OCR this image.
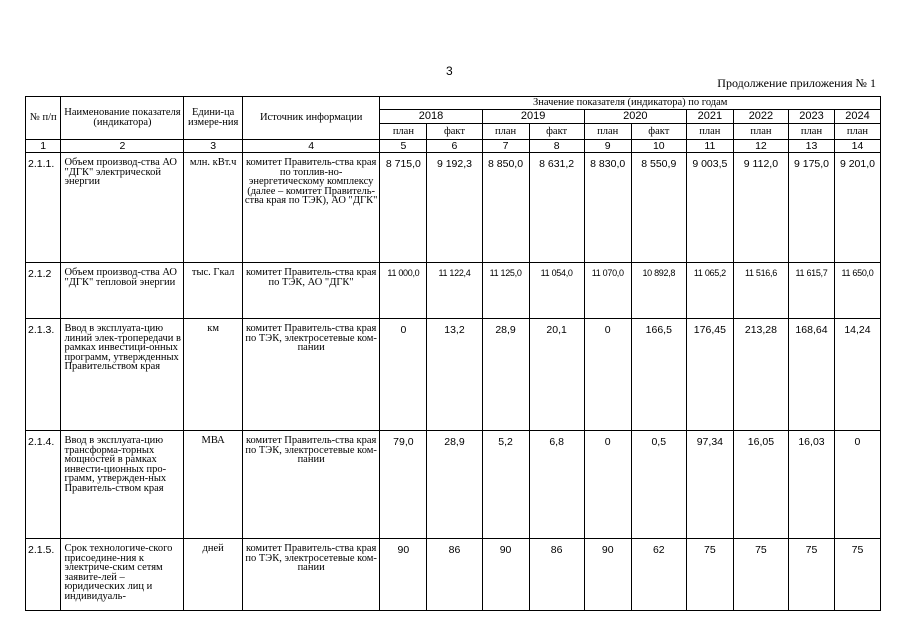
3
Продолжение приложения № 1
№ п/п	Наименование показателя (индикатора)	Едини-ца измере-ния	Источник информации	Значение показателя (индикатора) по годам									
				2018		2019		2020		2021	2022	2023	2024
				план	факт	план	факт	план	факт	план	план	план	план
1	2	3	4	5	6	7	8	9	10	11	12	13	14
2.1.1.	Объем производ-ства АО "ДГК" электрической энергии	млн. кВт.ч	комитет Правитель-ства края по топлив-но-энергетическому комплексу (далее – комитет Правитель-ства края по ТЭК), АО "ДГК"	8 715,0	9 192,3	8 850,0	8 631,2	8 830,0	8 550,9	9 003,5	9 112,0	9 175,0	9 201,0
2.1.2	Объем производ-ства АО "ДГК" тепловой энергии	тыс. Гкал	комитет Правитель-ства края по ТЭК, АО "ДГК"	11 000,0	11 122,4	11 125,0	11 054,0	11 070,0	10 892,8	11 065,2	11 516,6	11 615,7	11 650,0
2.1.3.	Ввод в эксплуата-цию линий элек-тропередачи в рамках инвестици-онных программ, утвержденных Правительством края	км	комитет Правитель-ства края по ТЭК, электросетевые ком-пании	0	13,2	28,9	20,1	0	166,5	176,45	213,28	168,64	14,24
2.1.4.	Ввод в эксплуата-цию трансформа-торных мощностей в рамках инвести-ционных про-грамм, утвержден-ных Правитель-ством края	МВА	комитет Правитель-ства края по ТЭК, электросетевые ком-пании	79,0	28,9	5,2	6,8	0	0,5	97,34	16,05	16,03	0
2.1.5.	Срок технологиче-ского присоедине-ния к электриче-ским сетям заявите-лей – юридических лиц и индивидуаль-	дней	комитет Правитель-ства края по ТЭК, электросетевые ком-пании	90	86	90	86	90	62	75	75	75	75
